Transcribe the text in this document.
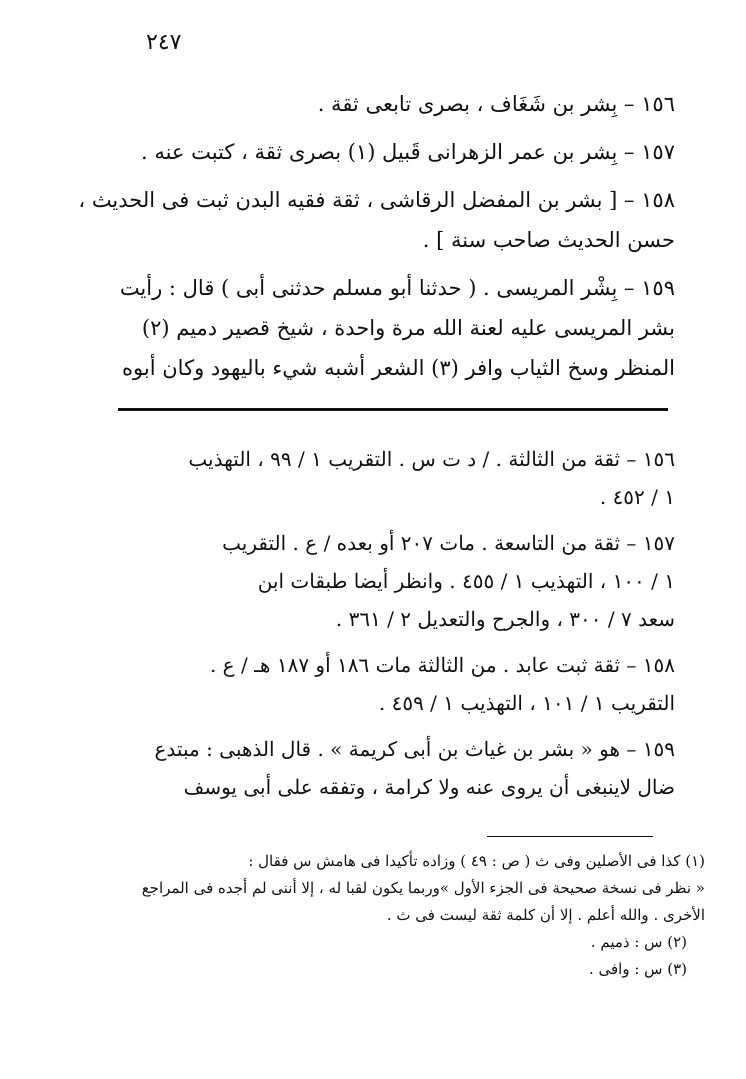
٢٤٧
١٥٦ – بِشر بن شَغَاف ، بصرى تابعى ثقة .
١٥٧ – بِشر بن عمر الزهرانى قَبيل (١) بصرى ثقة ، كتبت عنه .
١٥٨ – [ بشر بن المفضل الرقاشى ، ثقة فقيه البدن ثبت فى الحديث ،
حسن الحديث صاحب سنة ] .
١٥٩ – بِشْر المريسى . ( حدثنا أبو مسلم حدثنى أبى ) قال : رأيت
بشر المريسى عليه لعنة الله مرة واحدة ، شيخ قصير دميم (٢)
المنظر وسخ الثياب وافر (٣) الشعر أشبه شيء باليهود وكان أبوه
١٥٦ – ثقة من الثالثة . / د ت س . التقريب ١ / ٩٩ ، التهذيب
١ / ٤٥٢ .
١٥٧ – ثقة من التاسعة . مات ٢٠٧ أو بعده / ع . التقريب
١ / ١٠٠ ، التهذيب ١ / ٤٥٥ . وانظر أيضا طبقات ابن
سعد ٧ / ٣٠٠ ، والجرح والتعديل ٢ / ٣٦١ .
١٥٨ – ثقة ثبت عابد . من الثالثة مات ١٨٦ أو ١٨٧ هـ / ع .
التقريب ١ / ١٠١ ، التهذيب ١ / ٤٥٩ .
١٥٩ – هو « بشر بن غياث بن أبى كريمة » . قال الذهبى : مبتدع
ضال لاينبغى أن يروى عنه ولا كرامة ، وتفقه على أبى يوسف
(١) كذا فى الأصلين وفى ث ( ص : ٤٩ ) وزاده تأكيدا فى هامش س فقال :
« نظر فى نسخة صحيحة فى الجزء الأول »وربما يكون لقبا له ، إلا أننى لم أجده فى المراجع
الأخرى . والله أعلم . إلا أن كلمة ثقة ليست فى ث .
(٢) س : ذميم .
(٣) س : وافى .
